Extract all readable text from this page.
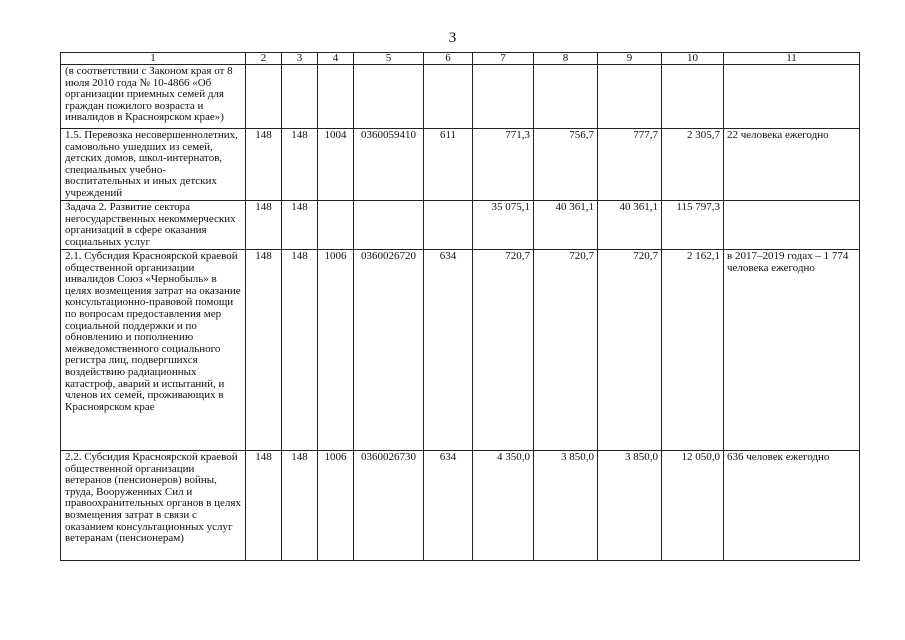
3
1	2	3	4	5	6	7	8	9	10	11
(в соответствии с Законом края от 8 июля 2010 года № 10-4866 «Об организации приемных семей для граждан пожилого возраста и инвалидов в Красноярском крае»)										
1.5. Перевозка несовершеннолетних, самовольно ушедших из семей, детских домов, школ-интернатов, специальных учебно-воспитательных и иных детских учреждений	148	148	1004	0360059410	611	771,3	756,7	777,7	2 305,7	22 человека ежегодно
Задача 2. Развитие сектора негосударственных некоммерческих организаций в сфере оказания социальных услуг	148	148				35 075,1	40 361,1	40 361,1	115 797,3	
2.1. Субсидия Красноярской краевой общественной организации инвалидов Союз «Чернобыль» в целях возмещения затрат на оказание консультационно-правовой помощи по вопросам предоставления мер социальной поддержки и по обновлению и пополнению межведомственного социального регистра лиц, подвергшихся воздействию радиационных катастроф, аварий и испытаний, и членов их семей, проживающих в Красноярском крае	148	148	1006	0360026720	634	720,7	720,7	720,7	2 162,1	в 2017–2019 годах – 1 774 человека ежегодно
2.2. Субсидия Красноярской краевой общественной организации ветеранов (пенсионеров) войны, труда, Вооруженных Сил и правоохранительных органов в целях возмещения затрат в связи с оказанием консультационных услуг ветеранам (пенсионерам)	148	148	1006	0360026730	634	4 350,0	3 850,0	3 850,0	12 050,0	636 человек ежегодно
